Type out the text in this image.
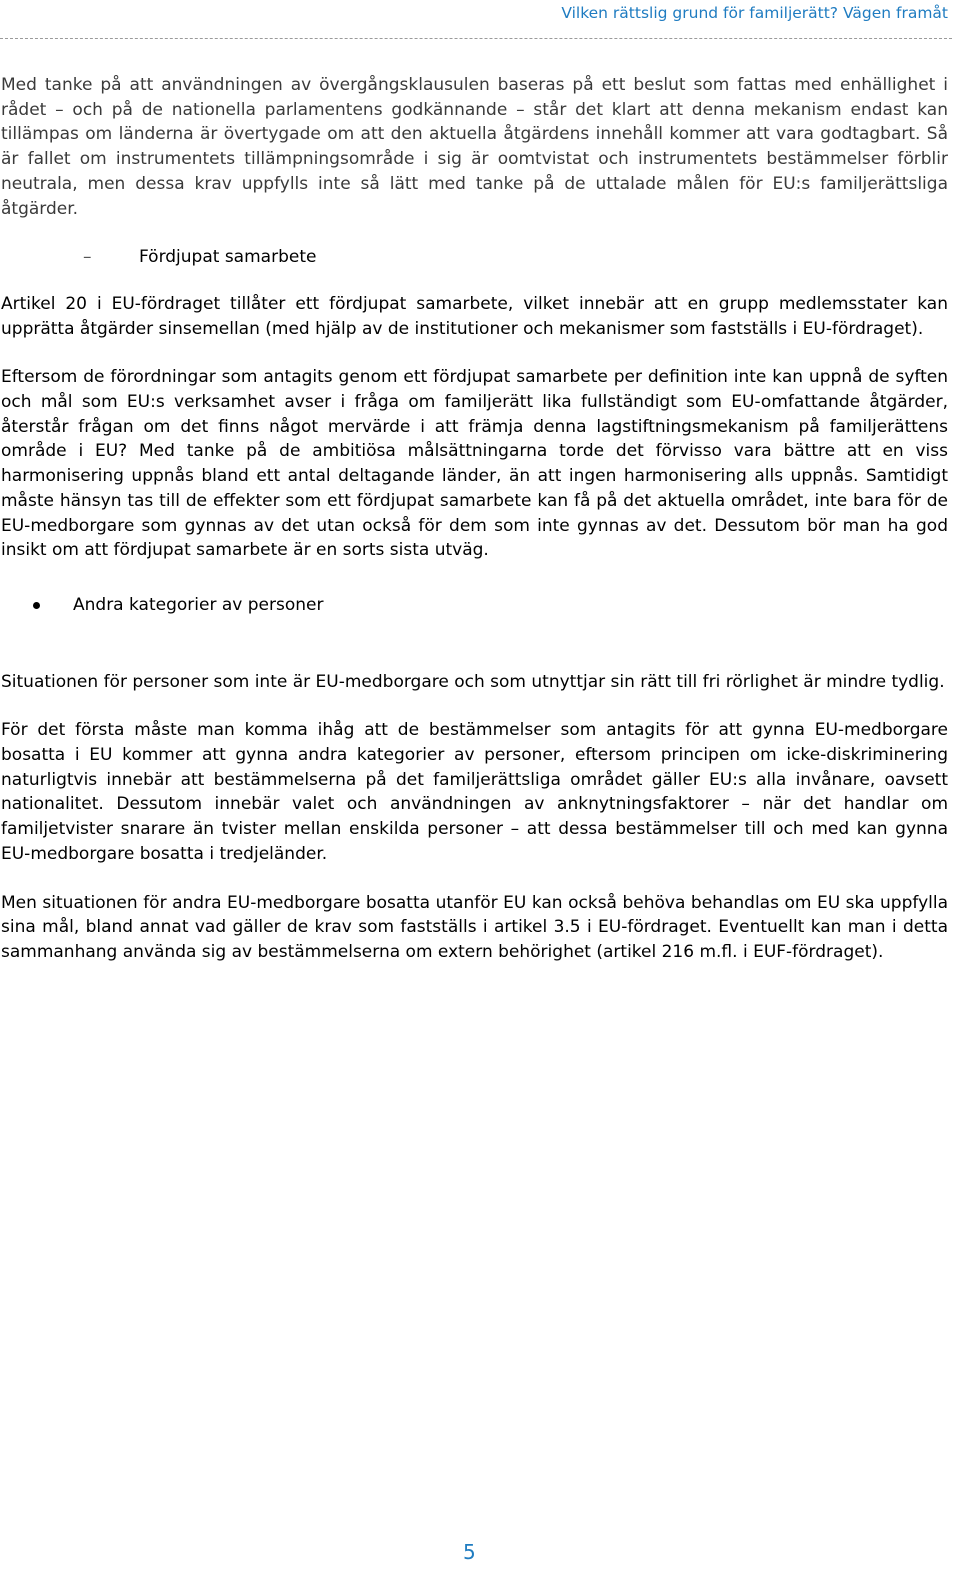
Vilken rättslig grund för familjerätt? Vägen framåt

Med tanke på att användningen av övergångsklausulen baseras på ett beslut som fattas med enhällighet i rådet – och på de nationella parlamentens godkännande – står det klart att denna mekanism endast kan tillämpas om länderna är övertygade om att den aktuella åtgärdens innehåll kommer att vara godtagbart. Så är fallet om instrumentets tillämpningsområde i sig är oomtvistat och instrumentets bestämmelser förblir neutrala, men dessa krav uppfylls inte så lätt med tanke på de uttalade målen för EU:s familjerättsliga åtgärder.

–	Fördjupat samarbete

Artikel 20 i EU-fördraget tillåter ett fördjupat samarbete, vilket innebär att en grupp medlemsstater kan upprätta åtgärder sinsemellan (med hjälp av de institutioner och mekanismer som fastställs i EU-fördraget).

Eftersom de förordningar som antagits genom ett fördjupat samarbete per definition inte kan uppnå de syften och mål som EU:s verksamhet avser i fråga om familjerätt lika fullständigt som EU-omfattande åtgärder, återstår frågan om det finns något mervärde i att främja denna lagstiftningsmekanism på familjerättens område i EU? Med tanke på de ambitiösa målsättningarna torde det förvisso vara bättre att en viss harmonisering uppnås bland ett antal deltagande länder, än att ingen harmonisering alls uppnås. Samtidigt måste hänsyn tas till de effekter som ett fördjupat samarbete kan få på det aktuella området, inte bara för de EU-medborgare som gynnas av det utan också för dem som inte gynnas av det. Dessutom bör man ha god insikt om att fördjupat samarbete är en sorts sista utväg.

Andra kategorier av personer

Situationen för personer som inte är EU-medborgare och som utnyttjar sin rätt till fri rörlighet är mindre tydlig.

För det första måste man komma ihåg att de bestämmelser som antagits för att gynna EU-medborgare bosatta i EU kommer att gynna andra kategorier av personer, eftersom principen om icke-diskriminering naturligtvis innebär att bestämmelserna på det familjerättsliga området gäller EU:s alla invånare, oavsett nationalitet. Dessutom innebär valet och användningen av anknytningsfaktorer – när det handlar om familjetvister snarare än tvister mellan enskilda personer – att dessa bestämmelser till och med kan gynna EU-medborgare bosatta i tredjeländer.

Men situationen för andra EU-medborgare bosatta utanför EU kan också behöva behandlas om EU ska uppfylla sina mål, bland annat vad gäller de krav som fastställs i artikel 3.5 i EU-fördraget. Eventuellt kan man i detta sammanhang använda sig av bestämmelserna om extern behörighet (artikel 216 m.fl. i EUF-fördraget).

5
